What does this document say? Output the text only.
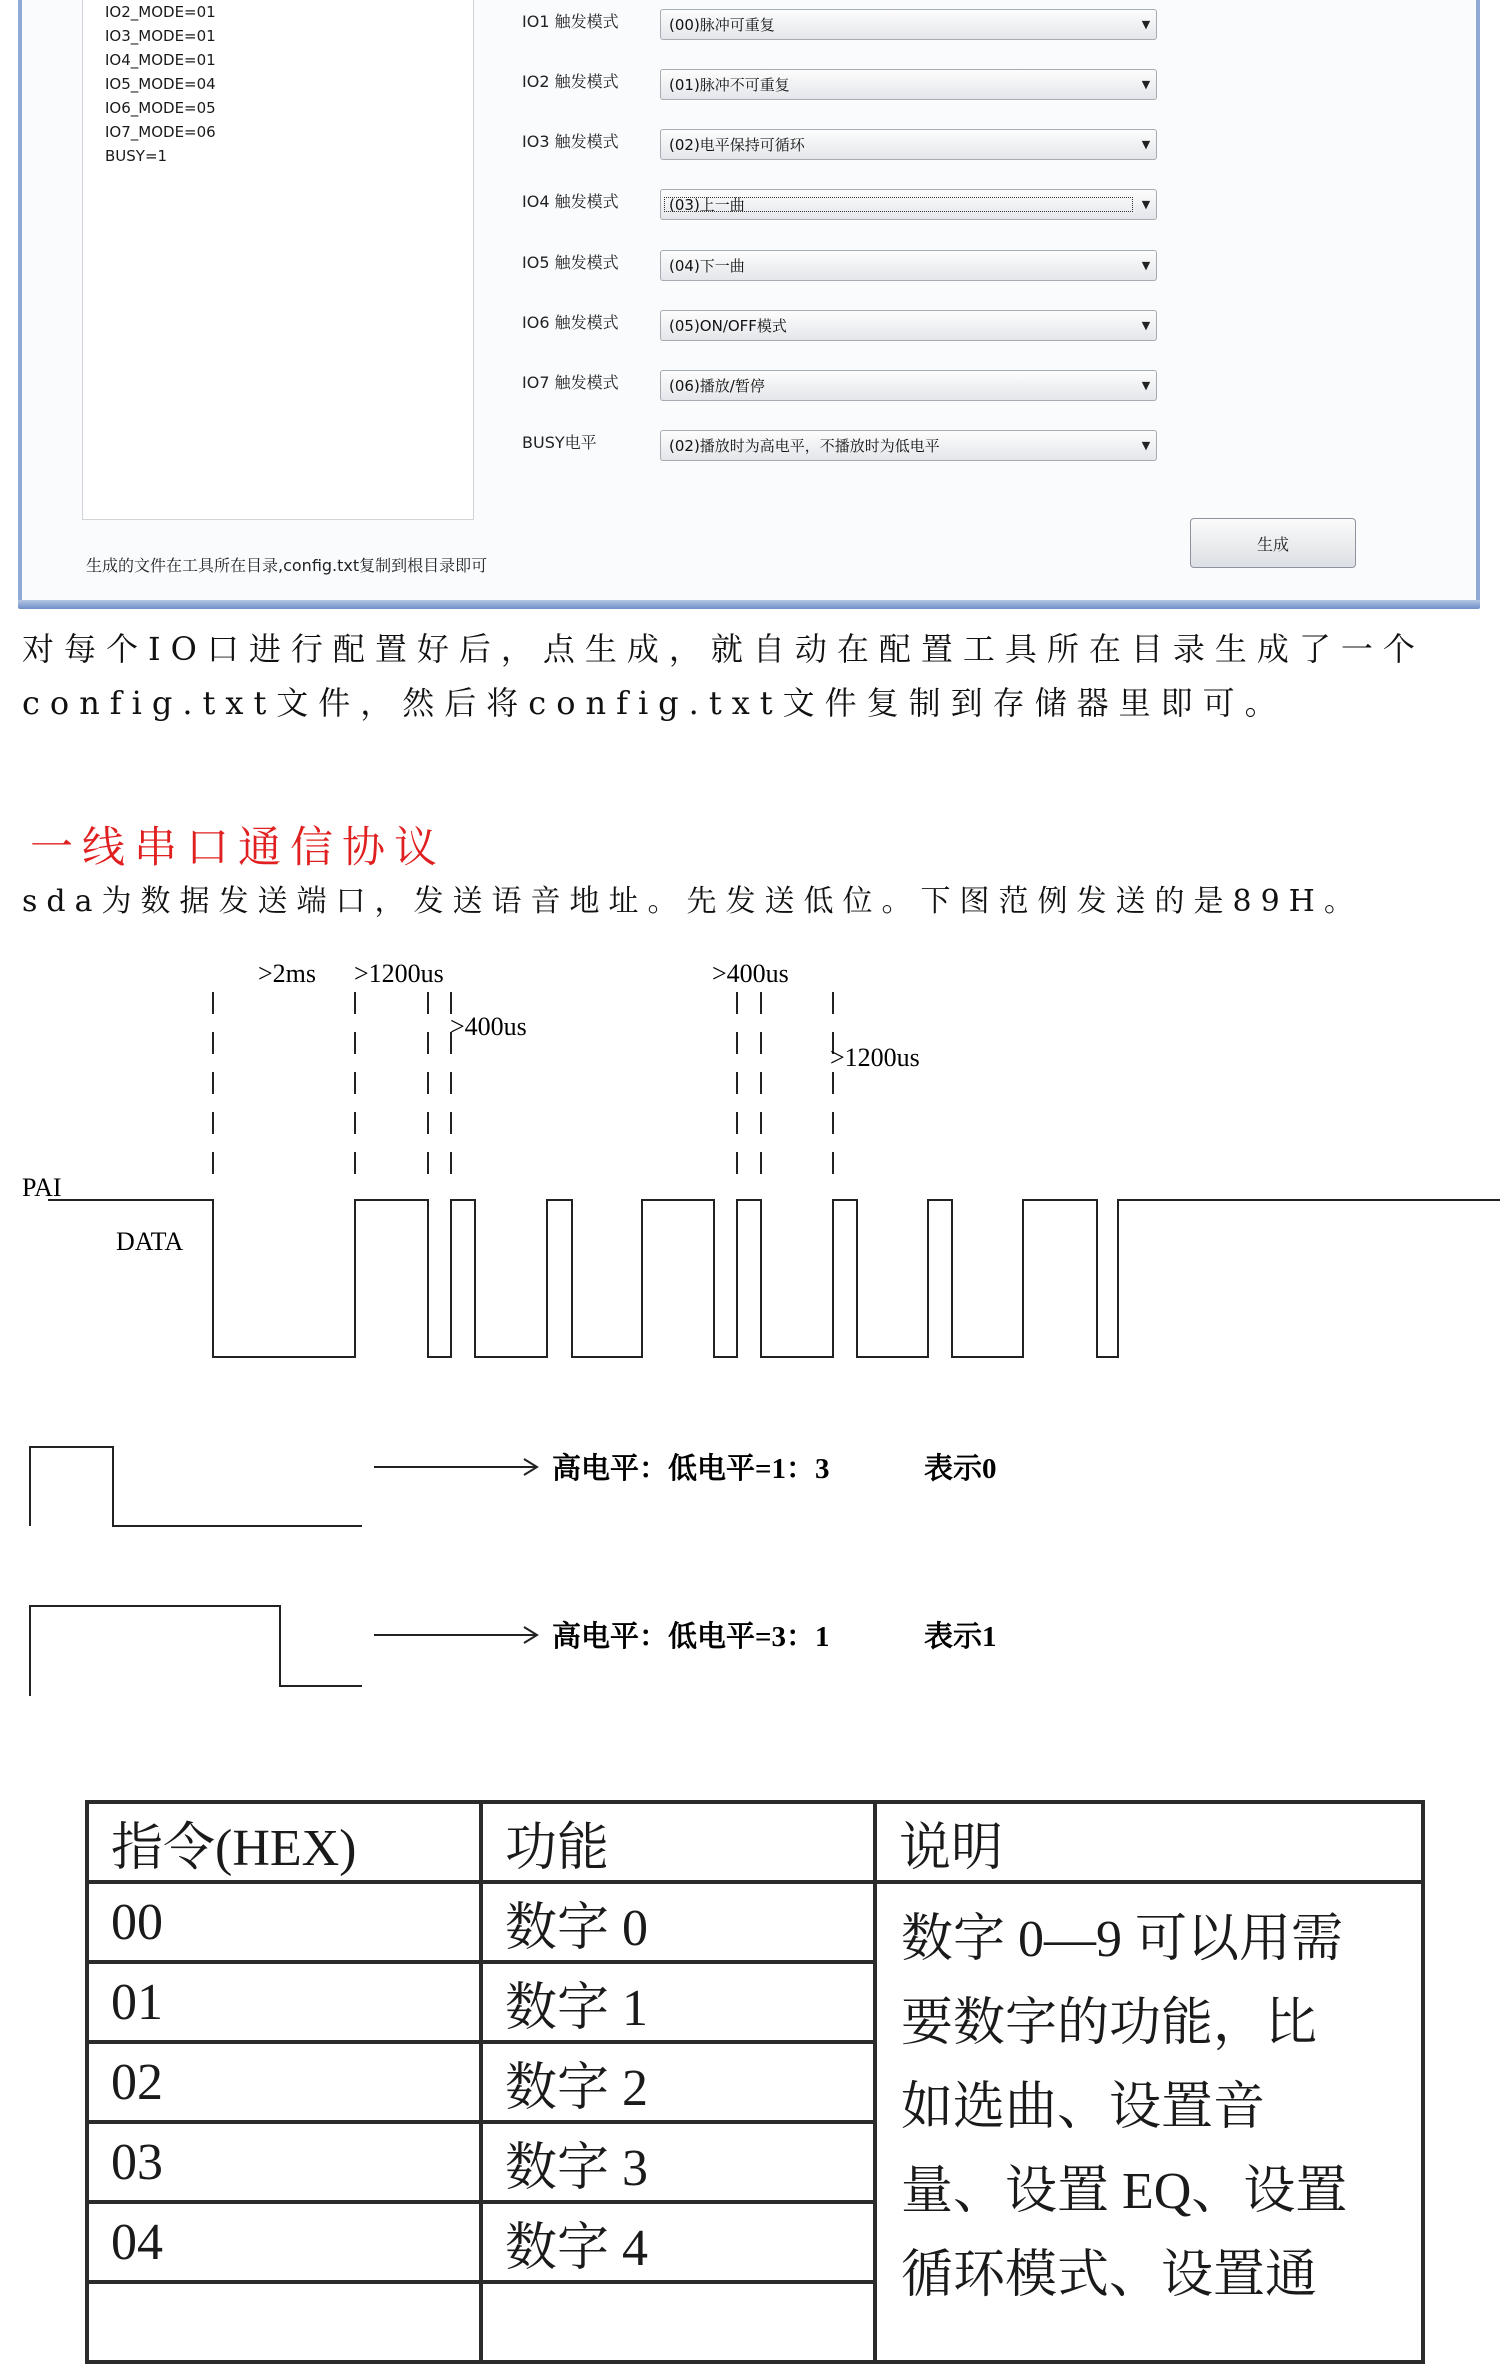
IO2_MODE=01
IO3_MODE=01
IO4_MODE=01
IO5_MODE=04
IO6_MODE=05
IO7_MODE=06
BUSY=1
IO1 触发模式	(00)脉冲可重复	▼
IO2 触发模式	(01)脉冲不可重复	▼
IO3 触发模式	(02)电平保持可循环	▼
IO4 触发模式	(03)上一曲	▼
IO5 触发模式	(04)下一曲	▼
IO6 触发模式	(05)ON/OFF模式	▼
IO7 触发模式	(06)播放/暂停	▼
BUSY电平	(02)播放时为高电平，不播放时为低电平	▼
生成
生成的文件在工具所在目录,config.txt复制到根目录即可
对每个IO口进行配置好后，点生成，就自动在配置工具所在目录生成了一个config.txt文件，然后将config.txt文件复制到存储器里即可。
一线串口通信协议
sda为数据发送端口，发送语音地址。先发送低位。下图范例发送的是89H。
>2ms >1200us
>400us
>400us
>1200us
PAI
DATA
高电平：低电平=1：3	表示0
高电平：低电平=3：1	表示1
指令(HEX)	功能	说明
00	数字 0	数字 0—9 可以用需
要数字的功能，比
如选曲、设置音
量、设置 EQ、设置
循环模式、设置通

01	数字 1	
02	数字 2	
03	数字 3	
04	数字 4	
